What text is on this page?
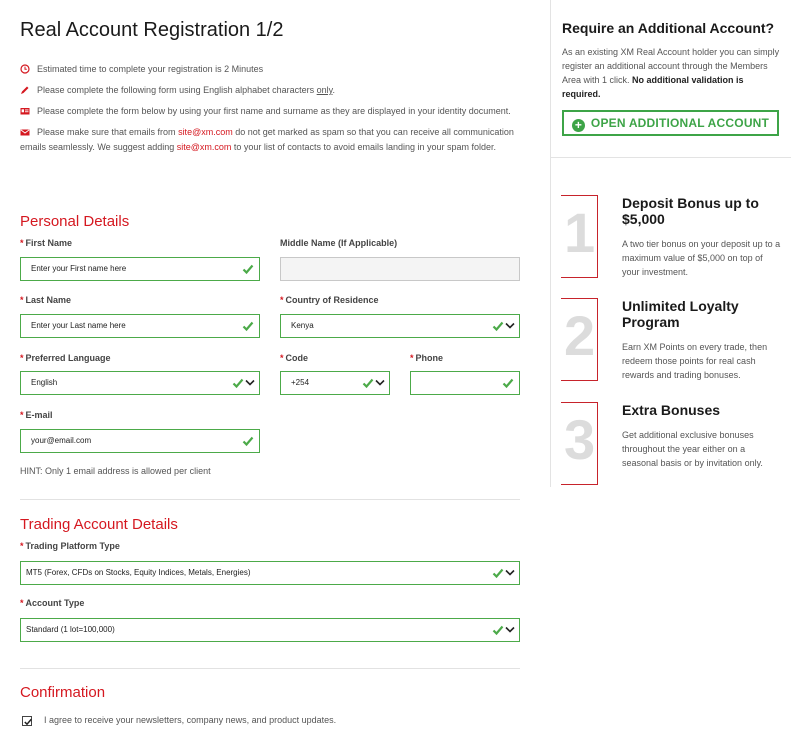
Real Account Registration 1/2
Estimated time to complete your registration is 2 Minutes
Please complete the following form using English alphabet characters only.
Please complete the form below by using your first name and surname as they are displayed in your identity document.
Please make sure that emails from site@xm.com do not get marked as spam so that you can receive all communication emails seamlessly. We suggest adding site@xm.com to your list of contacts to avoid emails landing in your spam folder.
Personal Details
* First Name
Enter your First name here
Middle Name (If Applicable)
* Last Name
Enter your Last name here
* Country of Residence
Kenya
* Preferred Language
English
* Code
+254
* Phone
* E-mail
your@email.com
HINT: Only 1 email address is allowed per client
Trading Account Details
* Trading Platform Type
MT5 (Forex, CFDs on Stocks, Equity Indices, Metals, Energies)
* Account Type
Standard (1 lot=100,000)
Confirmation
I agree to receive your newsletters, company news, and product updates.
Require an Additional Account?
As an existing XM Real Account holder you can simply register an additional account through the Members Area with 1 click. No additional validation is required.
+ OPEN ADDITIONAL ACCOUNT
1 Deposit Bonus up to $5,000
A two tier bonus on your deposit up to a maximum value of $5,000 on top of your investment.
2 Unlimited Loyalty Program
Earn XM Points on every trade, then redeem those points for real cash rewards and trading bonuses.
3 Extra Bonuses
Get additional exclusive bonuses throughout the year either on a seasonal basis or by invitation only.
